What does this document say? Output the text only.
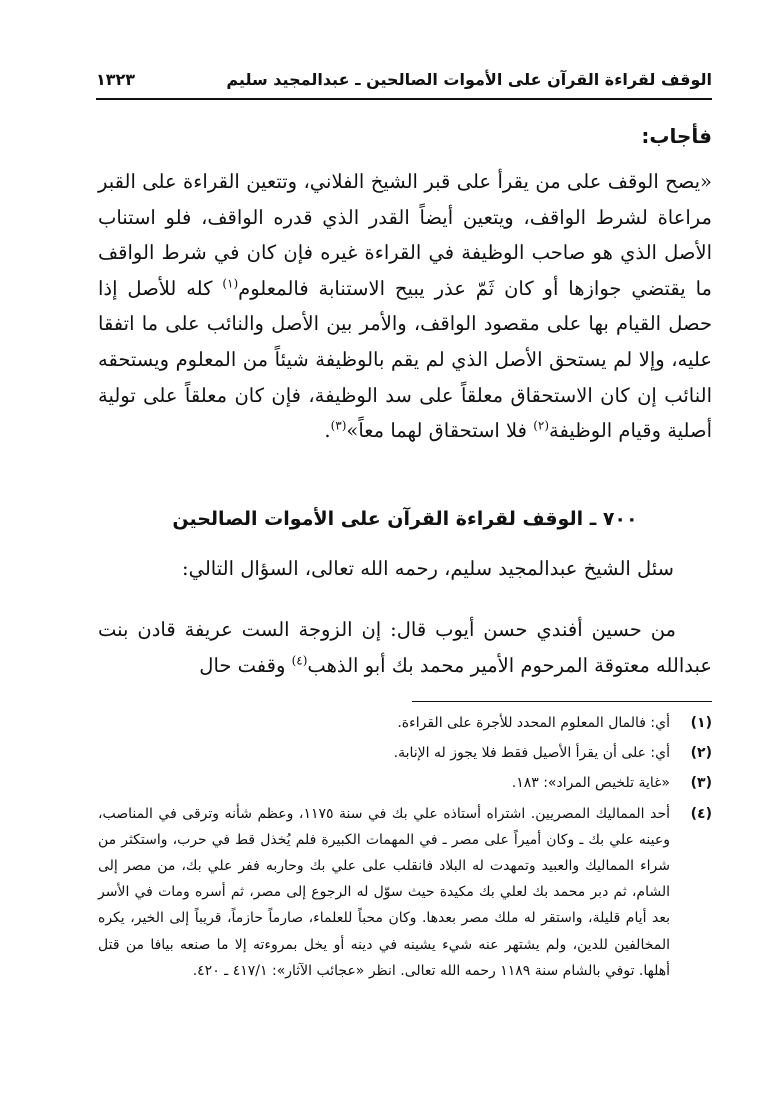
الوقف لقراءة القرآن على الأموات الصالحين ـ عبدالمجيد سليم
١٣٢٣
فأجاب:

«يصح الوقف على من يقرأ على قبر الشيخ الفلاني، وتتعين القراءة على القبر مراعاة لشرط الواقف، ويتعين أيضاً القدر الذي قدره الواقف، فلو استناب الأصل الذي هو صاحب الوظيفة في القراءة غيره فإن كان في شرط الواقف ما يقتضي جوازها أو كان ثَمّ عذر يبيح الاستنابة فالمعلوم$^{(١)}$ كله للأصل إذا حصل القيام بها على مقصود الواقف، والأمر بين الأصل والنائب على ما اتفقا عليه، وإلا لم يستحق الأصل الذي لم يقم بالوظيفة شيئاً من المعلوم ويستحقه النائب إن كان الاستحقاق معلقاً على سد الوظيفة، فإن كان معلقاً على تولية أصلية وقيام الوظيفة$^{(٢)}$ فلا استحقاق لهما معاً»$^{(٣)}$.

٧٠٠ ـ الوقف لقراءة القرآن على الأموات الصالحين
سئل الشيخ عبدالمجيد سليم، رحمه الله تعالى، السؤال التالي:
من حسين أفندي حسن أيوب قال: إن الزوجة الست عريفة قادن بنت عبدالله معتوقة المرحوم الأمير محمد بك أبو الذهب$^{(٤)}$ وقفت حال
(١)
أي: فالمال المعلوم المحدد للأجرة على القراءة.
(٢)
أي: على أن يقرأ الأصيل فقط فلا يجوز له الإنابة.
(٣)
«غاية تلخيص المراد»: ١٨٣.
(٤)
أحد المماليك المصريين. اشتراه أستاذه علي بك في سنة ١١٧٥، وعظم شأنه وترقى في المناصب، وعينه علي بك ـ وكان أميراً على مصر ـ في المهمات الكبيرة فلم يُخذل قط في حرب، واستكثر من شراء المماليك والعبيد وتمهدت له البلاد فانقلب على علي بك وحاربه ففر علي بك، من مصر إلى الشام، ثم دبر محمد بك لعلي بك مكيدة حيث سوّل له الرجوع إلى مصر، ثم أسره ومات في الأسر بعد أيام قليلة، واستقر له ملك مصر بعدها. وكان محباً للعلماء، صارماً حازماً، قريباً إلى الخير، يكره المخالفين للدين، ولم يشتهر عنه شيء يشينه في دينه أو يخل بمروءته إلا ما صنعه بيافا من قتل أهلها. توفي بالشام سنة ١١٨٩ رحمه الله تعالى. انظر «عجائب الآثار»: ٤١٧/١ ـ ٤٢٠.
